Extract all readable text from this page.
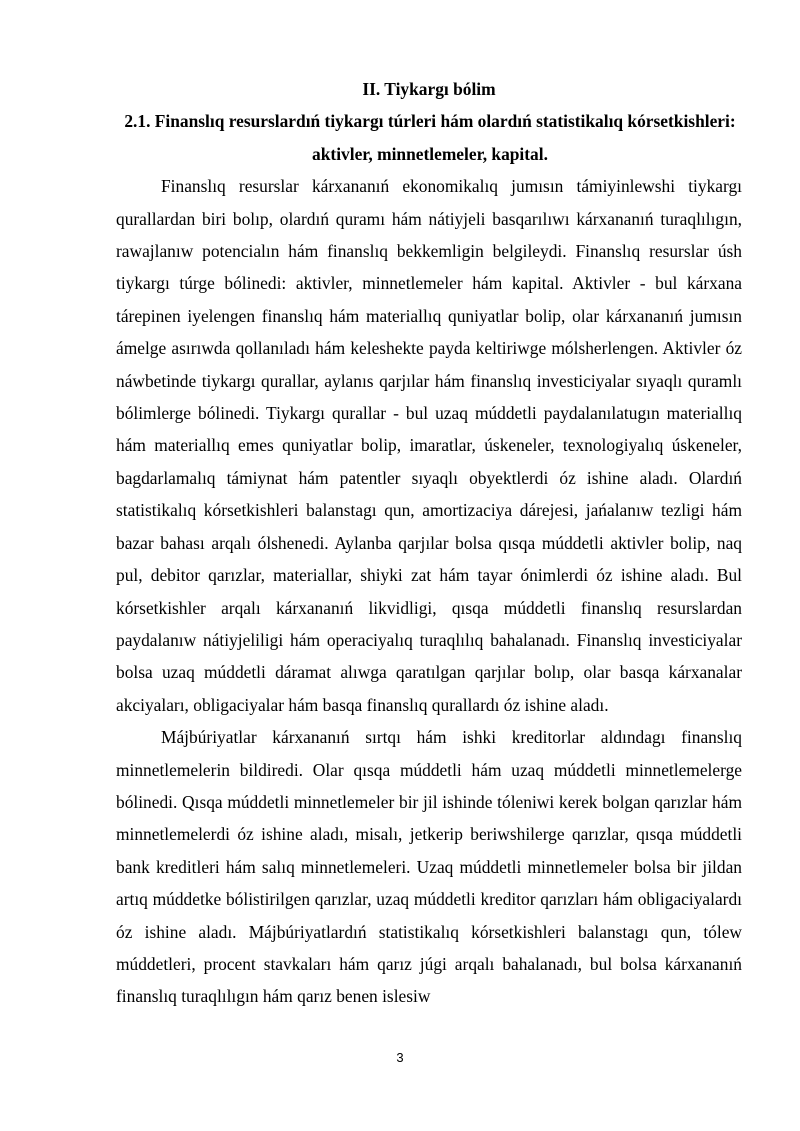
II. Tiykargı bólim

2.1. Finanslıq resurslardıń tiykargı túrleri hám olardıń statistikalıq kórsetkishleri: aktivler, minnetlemeler, kapital.

Finanslıq resurslar kárxananıń ekonomikalıq jumısın támiyinlewshi tiykargı qurallardan biri bolıp, olardıń quramı hám nátiyjeli basqarılıwı kárxananıń turaqlılıgın, rawajlanıw potencialın hám finanslıq bekkemligin belgileydi. Finanslıq resurslar úsh tiykargı túrge bólinedi: aktivler, minnetlemeler hám kapital. Aktivler - bul kárxana tárepinen iyelengen finanslıq hám materiallıq quniyatlar bolip, olar kárxananıń jumısın ámelge asırıwda qollanıladı hám keleshekte payda keltiriwge mólsherlengen. Aktivler óz náwbetinde tiykargı qurallar, aylanıs qarjılar hám finanslıq investiciyalar sıyaqlı quramlı bólimlerge bólinedi. Tiykargı qurallar - bul uzaq múddetli paydalanılatugın materiallıq hám materiallıq emes quniyatlar bolip, imaratlar, úskeneler, texnologiyalıq úskeneler, bagdarlamalıq támiynat hám patentler sıyaqlı obyektlerdi óz ishine aladı. Olardıń statistikalıq kórsetkishleri balanstagı qun, amortizaciya dárejesi, jańalanıw tezligi hám bazar bahası arqalı ólshenedi. Aylanba qarjılar bolsa qısqa múddetli aktivler bolip, naq pul, debitor qarızlar, materiallar, shiyki zat hám tayar ónimlerdi óz ishine aladı. Bul kórsetkishler arqalı kárxananıń likvidligi, qısqa múddetli finanslıq resurslardan paydalanıw nátiyjeliligi hám operaciyalıq turaqlılıq bahalanadı. Finanslıq investiciyalar bolsa uzaq múddetli dáramat alıwga qaratılgan qarjılar bolıp, olar basqa kárxanalar akciyaları, obligaciyalar hám basqa finanslıq qurallardı óz ishine aladı.

Májbúriyatlar kárxananıń sırtqı hám ishki kreditorlar aldındagı finanslıq minnetlemelerin bildiredi. Olar qısqa múddetli hám uzaq múddetli minnetlemelerge bólinedi. Qısqa múddetli minnetlemeler bir jil ishinde tóleniwi kerek bolgan qarızlar hám minnetlemelerdi óz ishine aladı, misalı, jetkerip beriwshilerge qarızlar, qısqa múddetli bank kreditleri hám salıq minnetlemeleri. Uzaq múddetli minnetlemeler bolsa bir jildan artıq múddetke bólistirilgen qarızlar, uzaq múddetli kreditor qarızları hám obligaciyalardı óz ishine aladı. Májbúriyatlardıń statistikalıq kórsetkishleri balanstagı qun, tólew múddetleri, procent stavkaları hám qarız júgi arqalı bahalanadı, bul bolsa kárxananıń finanslıq turaqlılıgın hám qarız benen islesiw

3
